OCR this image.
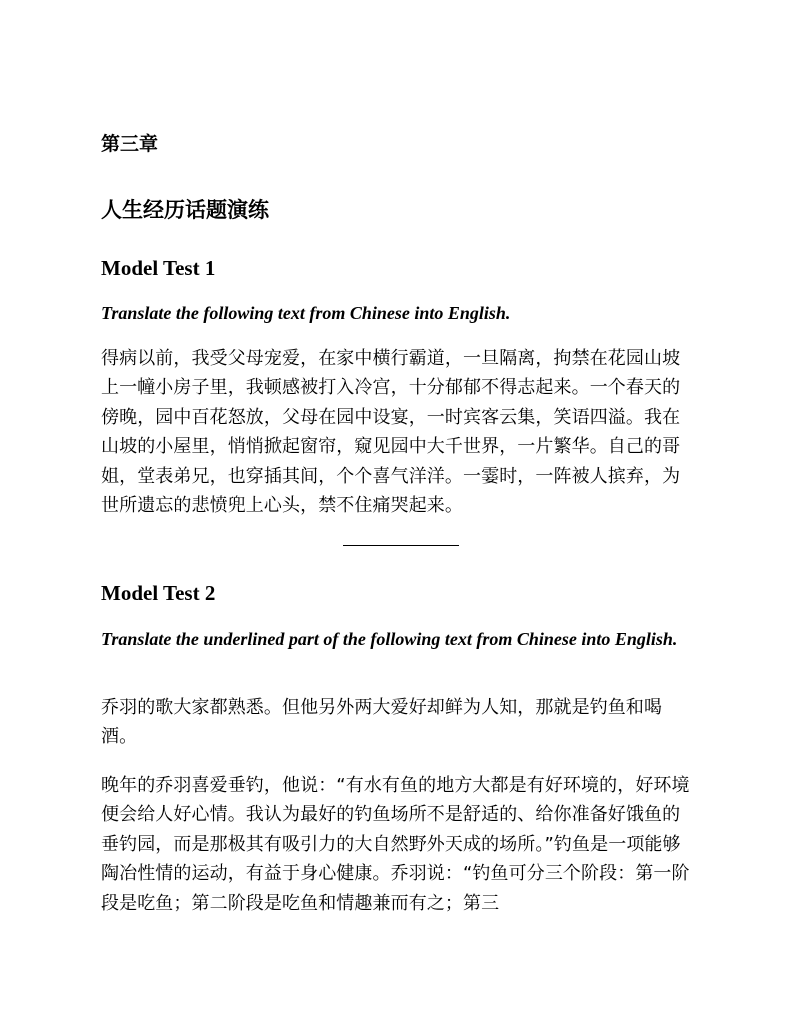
第三章
人生经历话题演练
Model Test 1

Translate the following text from Chinese into English.

得病以前，我受父母宠爱，在家中横行霸道，一旦隔离，拘禁在花园山坡上一幢小房子里，我顿感被打入冷宫，十分郁郁不得志起来。一个春天的傍晚，园中百花怒放，父母在园中设宴，一时宾客云集，笑语四溢。我在山坡的小屋里，悄悄掀起窗帘，窥见园中大千世界，一片繁华。自己的哥姐，堂表弟兄，也穿插其间，个个喜气洋洋。一霎时，一阵被人摈弃，为世所遗忘的悲愤兜上心头，禁不住痛哭起来。

Model Test 2

Translate the underlined part of the following text from Chinese into English.

乔羽的歌大家都熟悉。但他另外两大爱好却鲜为人知，那就是钓鱼和喝酒。

晚年的乔羽喜爱垂钓，他说：“有水有鱼的地方大都是有好环境的，好环境便会给人好心情。我认为最好的钓鱼场所不是舒适的、给你准备好饿鱼的垂钓园，而是那极其有吸引力的大自然野外天成的场所。”钓鱼是一项能够陶冶性情的运动，有益于身心健康。乔羽说：“钓鱼可分三个阶段：第一阶段是吃鱼；第二阶段是吃鱼和情趣兼而有之；第三
